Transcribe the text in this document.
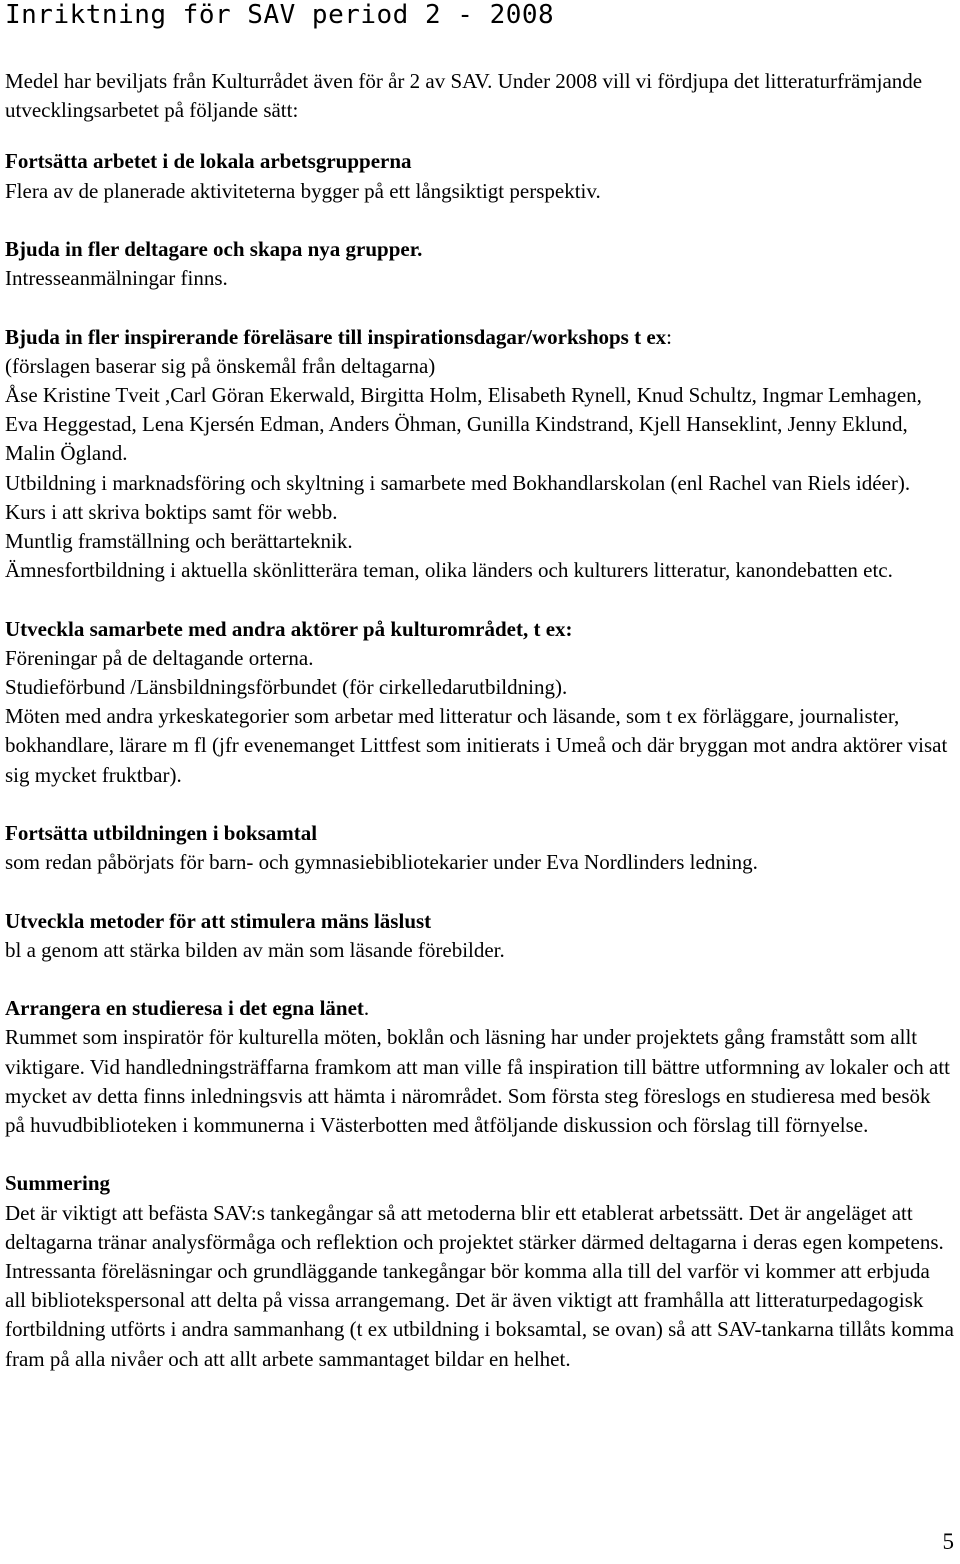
Inriktning för SAV period 2 - 2008

Medel har beviljats från Kulturrådet även för år 2 av SAV. Under 2008 vill vi fördjupa det litteraturfrämjande utvecklingsarbetet på följande sätt:

Fortsätta arbetet i de lokala arbetsgrupperna

Flera av de planerade aktiviteterna bygger på ett långsiktigt perspektiv.

Bjuda in fler deltagare och skapa nya grupper.

Intresseanmälningar finns.

Bjuda in fler inspirerande föreläsare till inspirationsdagar/workshops t ex:

(förslagen baserar sig på önskemål från deltagarna)

Åse Kristine Tveit ,Carl Göran Ekerwald, Birgitta Holm, Elisabeth Rynell, Knud Schultz, Ingmar Lemhagen, Eva Heggestad, Lena Kjersén Edman, Anders Öhman, Gunilla Kindstrand, Kjell Hanseklint, Jenny Eklund, Malin Ögland.

Utbildning i marknadsföring och skyltning i samarbete med Bokhandlarskolan (enl Rachel van Riels idéer).

Kurs i att skriva boktips samt för webb.

Muntlig framställning och berättarteknik.

Ämnesfortbildning i aktuella skönlitterära teman, olika länders och kulturers litteratur, kanondebatten etc.

Utveckla samarbete med andra aktörer på kulturområdet, t ex:

Föreningar på de deltagande orterna.

Studieförbund /Länsbildningsförbundet (för cirkelledarutbildning).

Möten med andra yrkeskategorier som arbetar med litteratur och läsande, som t ex förläggare, journalister, bokhandlare, lärare m fl (jfr evenemanget Littfest som initierats i Umeå och där bryggan mot andra aktörer visat sig mycket fruktbar).

Fortsätta utbildningen i boksamtal

som redan påbörjats för barn- och gymnasiebibliotekarier under Eva Nordlinders ledning.

Utveckla metoder för att stimulera mäns läslust

bl a genom att stärka bilden av män som läsande förebilder.

Arrangera en studieresa i det egna länet.

Rummet som inspiratör för kulturella möten, boklån och läsning har under projektets gång framstått som allt viktigare. Vid handledningsträffarna framkom att man ville få inspiration till bättre utformning av lokaler och att mycket av detta finns inledningsvis att hämta i närområdet. Som första steg föreslogs en studieresa med besök på huvudbiblioteken i kommunerna i Västerbotten med åtföljande diskussion och förslag till förnyelse.

Summering

Det är viktigt att befästa SAV:s tankegångar så att metoderna blir ett etablerat arbetssätt. Det är angeläget att deltagarna tränar analysförmåga och reflektion och projektet stärker därmed deltagarna i deras egen kompetens. Intressanta föreläsningar och grundläggande tankegångar bör komma alla till del varför vi kommer att erbjuda all bibliotekspersonal att delta på vissa arrangemang. Det är även viktigt att framhålla att litteraturpedagogisk fortbildning utförts i andra sammanhang (t ex utbildning i boksamtal, se ovan) så att SAV-tankarna tillåts komma fram på alla nivåer och att allt arbete sammantaget bildar en helhet.

5
